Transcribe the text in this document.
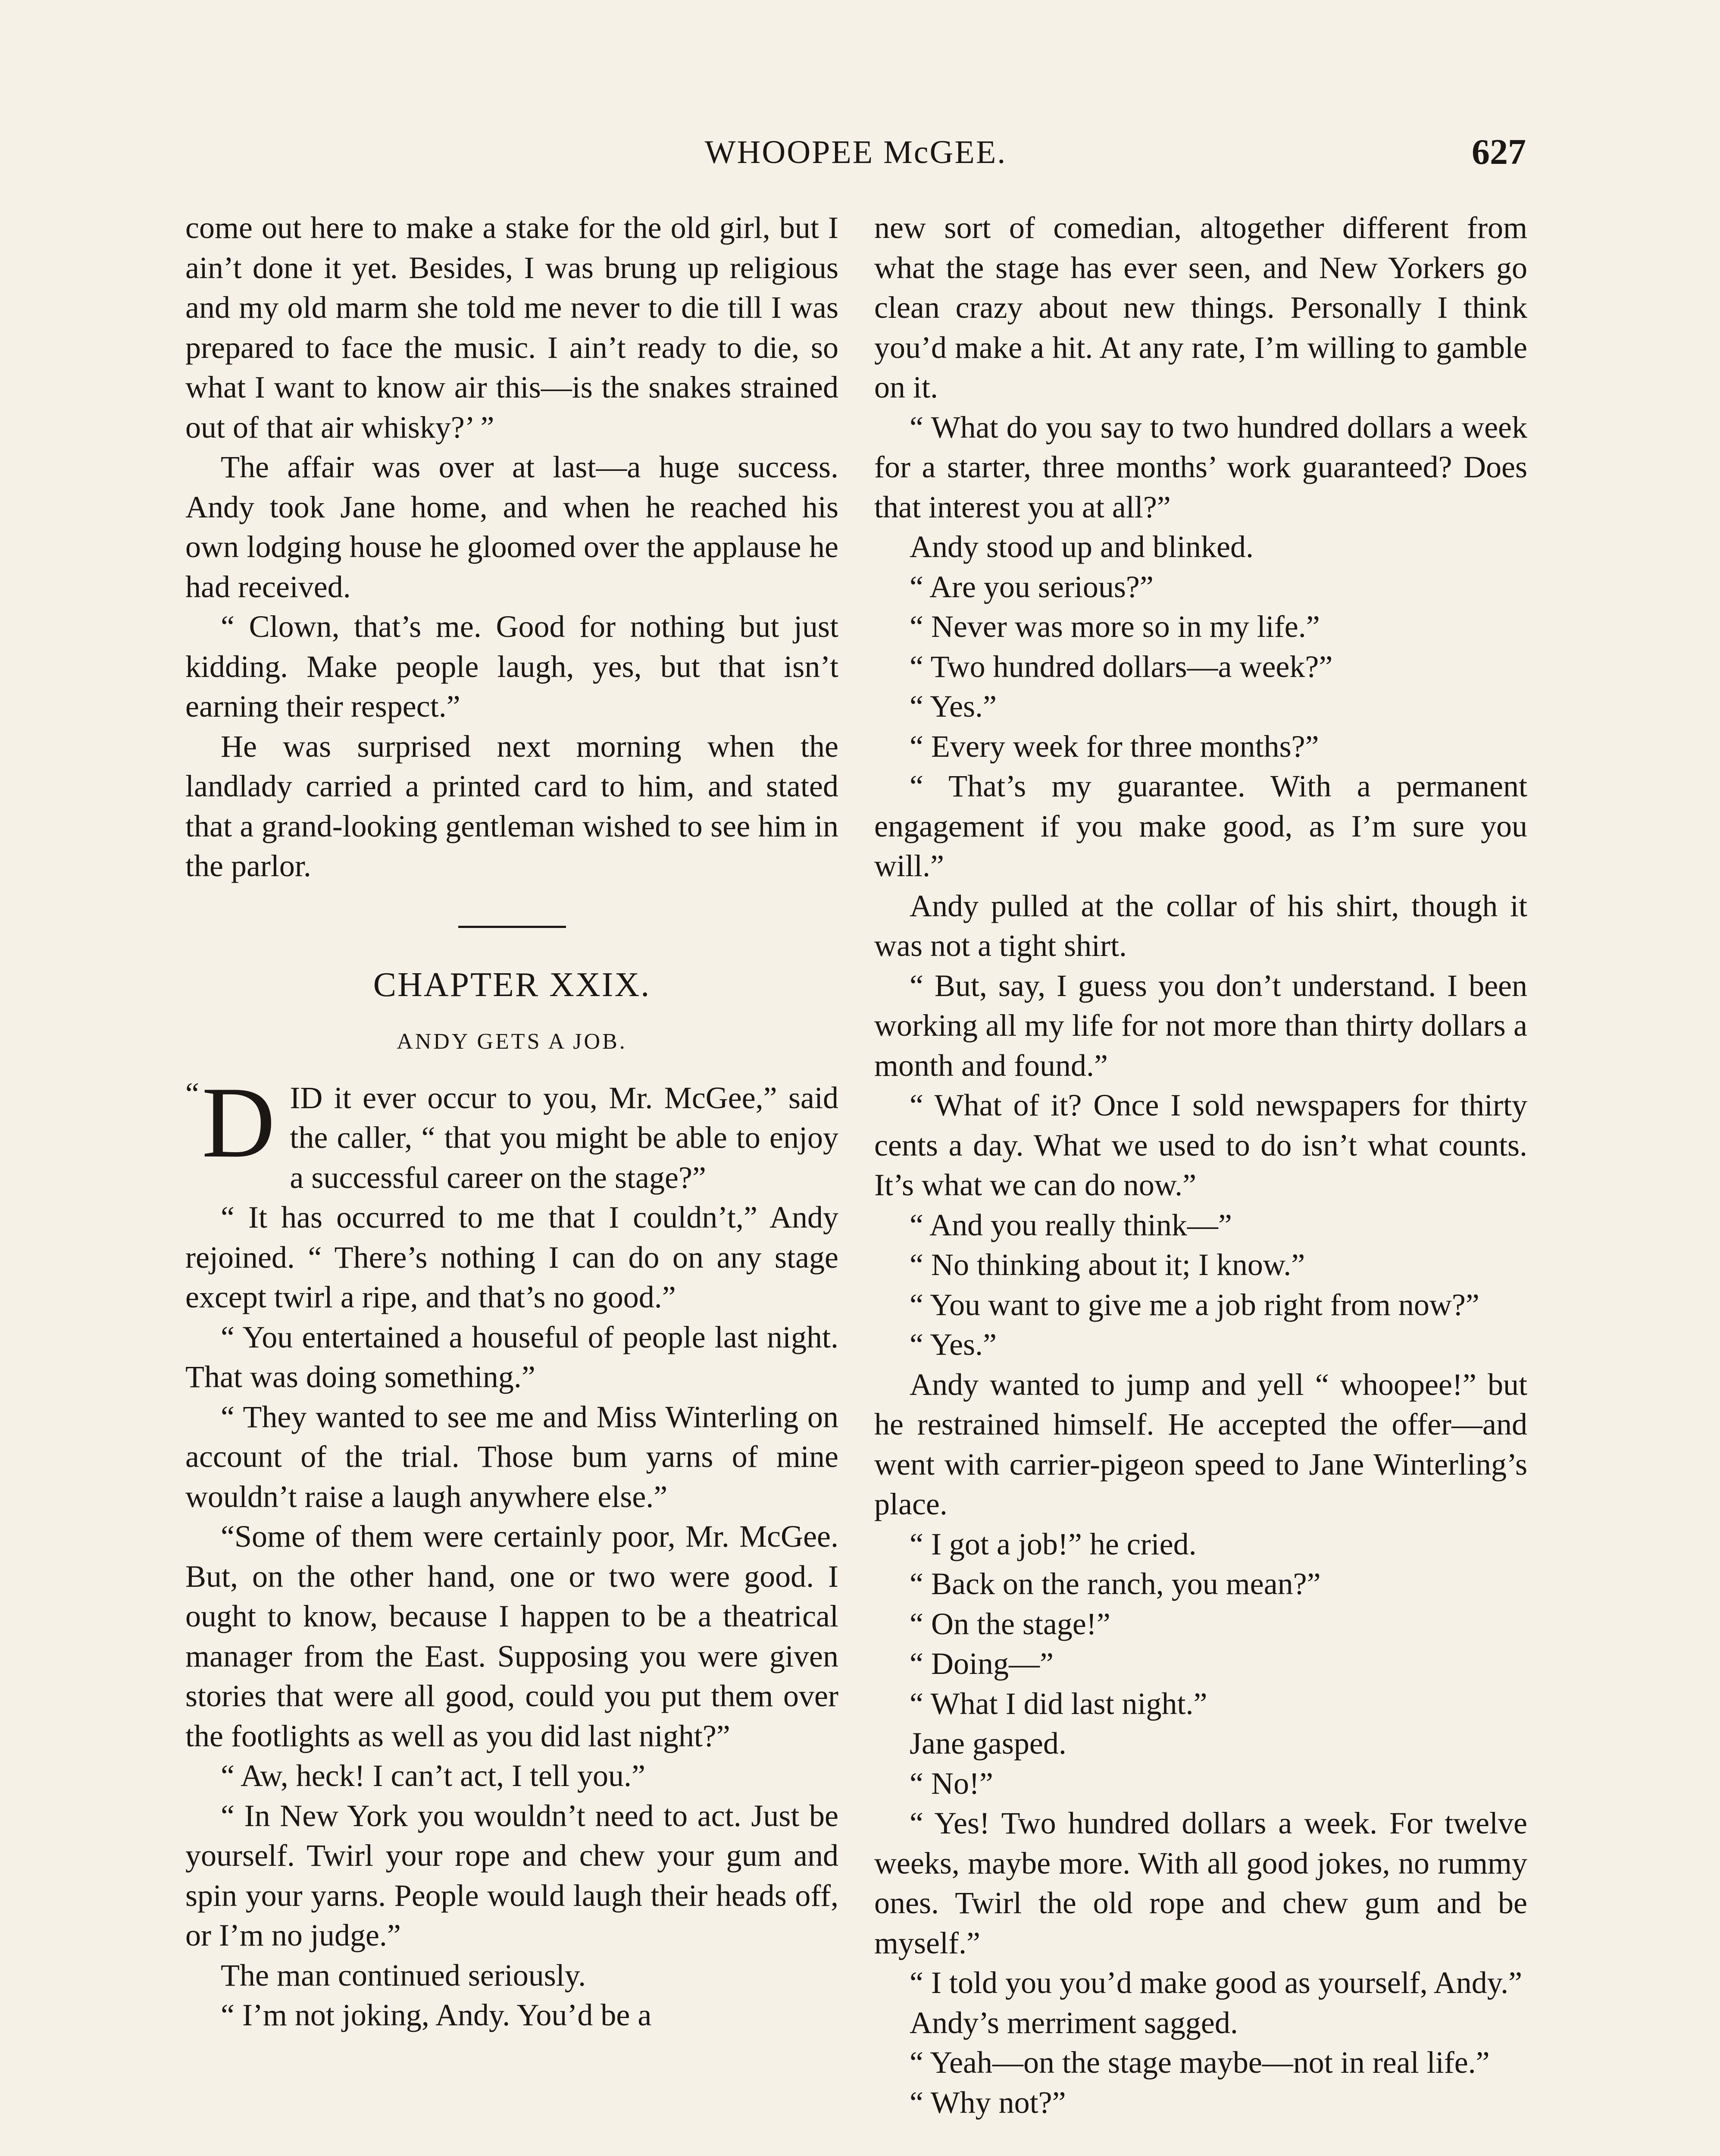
WHOOPEE McGEE.	627

come out here to make a stake for the old girl, but I ain’t done it yet. Besides, I was brung up religious and my old marm she told me never to die till I was prepared to face the music. I ain’t ready to die, so what I want to know air this—is the snakes strained out of that air whisky?’ ”

The affair was over at last—a huge success. Andy took Jane home, and when he reached his own lodging house he gloomed over the applause he had received.

“ Clown, that’s me. Good for nothing but just kidding. Make people laugh, yes, but that isn’t earning their respect.”

He was surprised next morning when the landlady carried a printed card to him, and stated that a grand-looking gentleman wished to see him in the parlor.

CHAPTER XXIX.
ANDY GETS A JOB.

“ D ID it ever occur to you, Mr. McGee,” said the caller, “ that you might be able to enjoy a successful career on the stage?”

“ It has occurred to me that I couldn’t,” Andy rejoined. “ There’s nothing I can do on any stage except twirl a ripe, and that’s no good.”

“ You entertained a houseful of people last night. That was doing something.”

“ They wanted to see me and Miss Winterling on account of the trial. Those bum yarns of mine wouldn’t raise a laugh anywhere else.”

“Some of them were certainly poor, Mr. McGee. But, on the other hand, one or two were good. I ought to know, because I happen to be a theatrical manager from the East. Supposing you were given stories that were all good, could you put them over the footlights as well as you did last night?”

“ Aw, heck! I can’t act, I tell you.”

“ In New York you wouldn’t need to act. Just be yourself. Twirl your rope and chew your gum and spin your yarns. People would laugh their heads off, or I’m no judge.”

The man continued seriously.

“ I’m not joking, Andy. You’d be a

new sort of comedian, altogether different from what the stage has ever seen, and New Yorkers go clean crazy about new things. Personally I think you’d make a hit. At any rate, I’m willing to gamble on it.

“ What do you say to two hundred dollars a week for a starter, three months’ work guaranteed? Does that interest you at all?”

Andy stood up and blinked.

“ Are you serious?”

“ Never was more so in my life.”

“ Two hundred dollars—a week?”

“ Yes.”

“ Every week for three months?”

“ That’s my guarantee. With a permanent engagement if you make good, as I’m sure you will.”

Andy pulled at the collar of his shirt, though it was not a tight shirt.

“ But, say, I guess you don’t understand. I been working all my life for not more than thirty dollars a month and found.”

“ What of it? Once I sold newspapers for thirty cents a day. What we used to do isn’t what counts. It’s what we can do now.”

“ And you really think—”

“ No thinking about it; I know.”

“ You want to give me a job right from now?”

“ Yes.”

Andy wanted to jump and yell “ whoopee!” but he restrained himself. He accepted the offer—and went with carrier-pigeon speed to Jane Winterling’s place.

“ I got a job!” he cried.

“ Back on the ranch, you mean?”

“ On the stage!”

“ Doing—”

“ What I did last night.”

Jane gasped.

“ No!”

“ Yes! Two hundred dollars a week. For twelve weeks, maybe more. With all good jokes, no rummy ones. Twirl the old rope and chew gum and be myself.”

“ I told you you’d make good as yourself, Andy.”

Andy’s merriment sagged.

“ Yeah—on the stage maybe—not in real life.”

“ Why not?”
